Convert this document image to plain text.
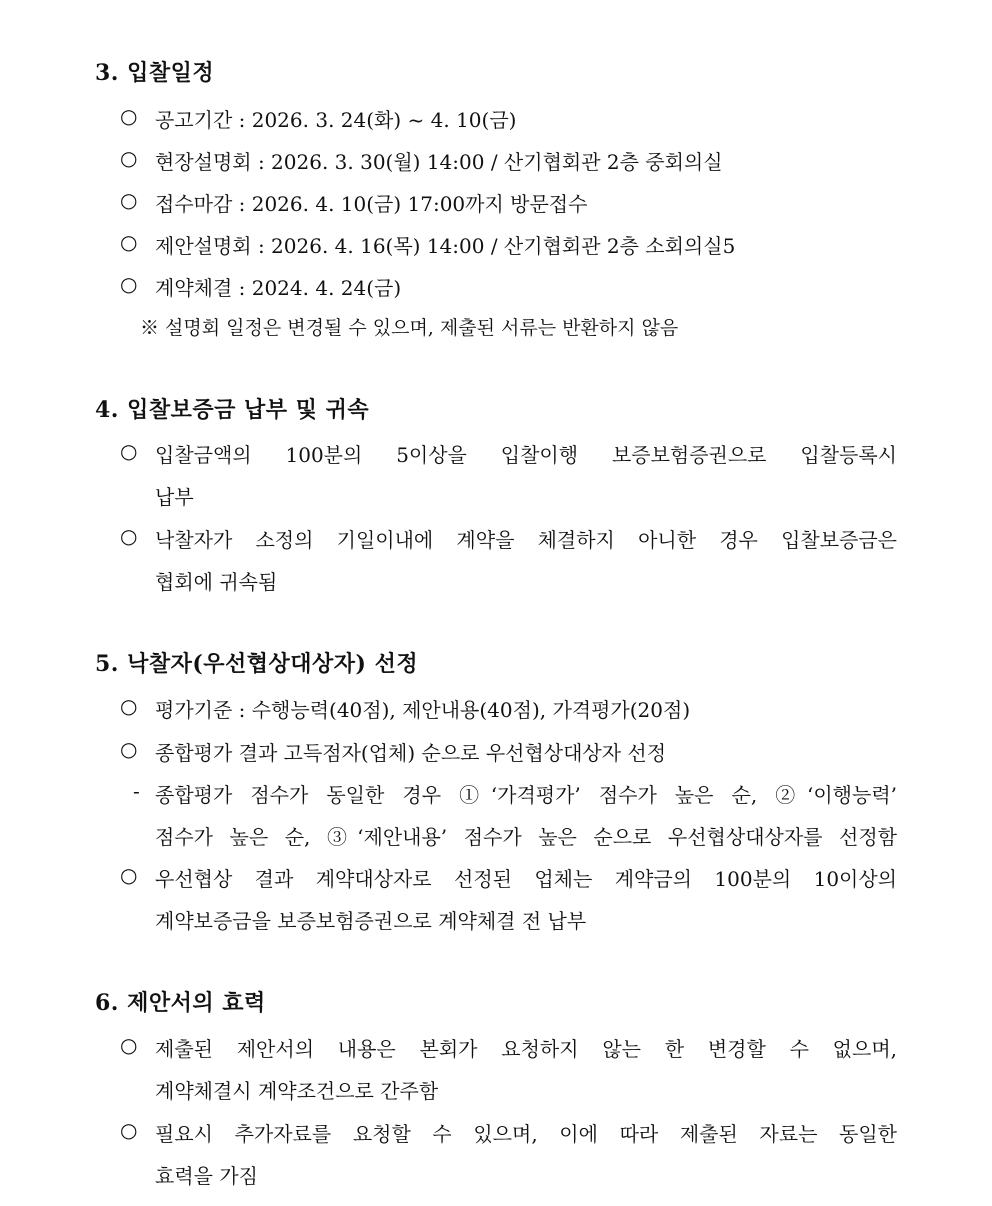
3. 입찰일정
○ 공고기간 : 2026. 3. 24(화) ~ 4. 10(금)
○ 현장설명회 : 2026. 3. 30(월) 14:00 / 산기협회관 2층 중회의실
○ 접수마감 : 2026. 4. 10(금) 17:00까지 방문접수
○ 제안설명회 : 2026. 4. 16(목) 14:00 / 산기협회관 2층 소회의실5
○ 계약체결 : 2024. 4. 24(금)
※ 설명회 일정은 변경될 수 있으며, 제출된 서류는 반환하지 않음
4. 입찰보증금 납부 및 귀속
○ 입찰금액의 100분의 5이상을 입찰이행 보증보험증권으로 입찰등록시
납부
○ 낙찰자가 소정의 기일이내에 계약을 체결하지 아니한 경우 입찰보증금은
협회에 귀속됨
5. 낙찰자(우선협상대상자) 선정
○ 평가기준 : 수행능력(40점), 제안내용(40점), 가격평가(20점)
○ 종합평가 결과 고득점자(업체) 순으로 우선협상대상자 선정
- 종합평가 점수가 동일한 경우 ①‘가격평가’ 점수가 높은 순, ②‘이행능력’
점수가 높은 순, ③‘제안내용’ 점수가 높은 순으로 우선협상대상자를 선정함
○ 우선협상 결과 계약대상자로 선정된 업체는 계약금의 100분의 10이상의
계약보증금을 보증보험증권으로 계약체결 전 납부
6. 제안서의 효력
○ 제출된 제안서의 내용은 본회가 요청하지 않는 한 변경할 수 없으며,
계약체결시 계약조건으로 간주함
○ 필요시 추가자료를 요청할 수 있으며, 이에 따라 제출된 자료는 동일한
효력을 가짐
